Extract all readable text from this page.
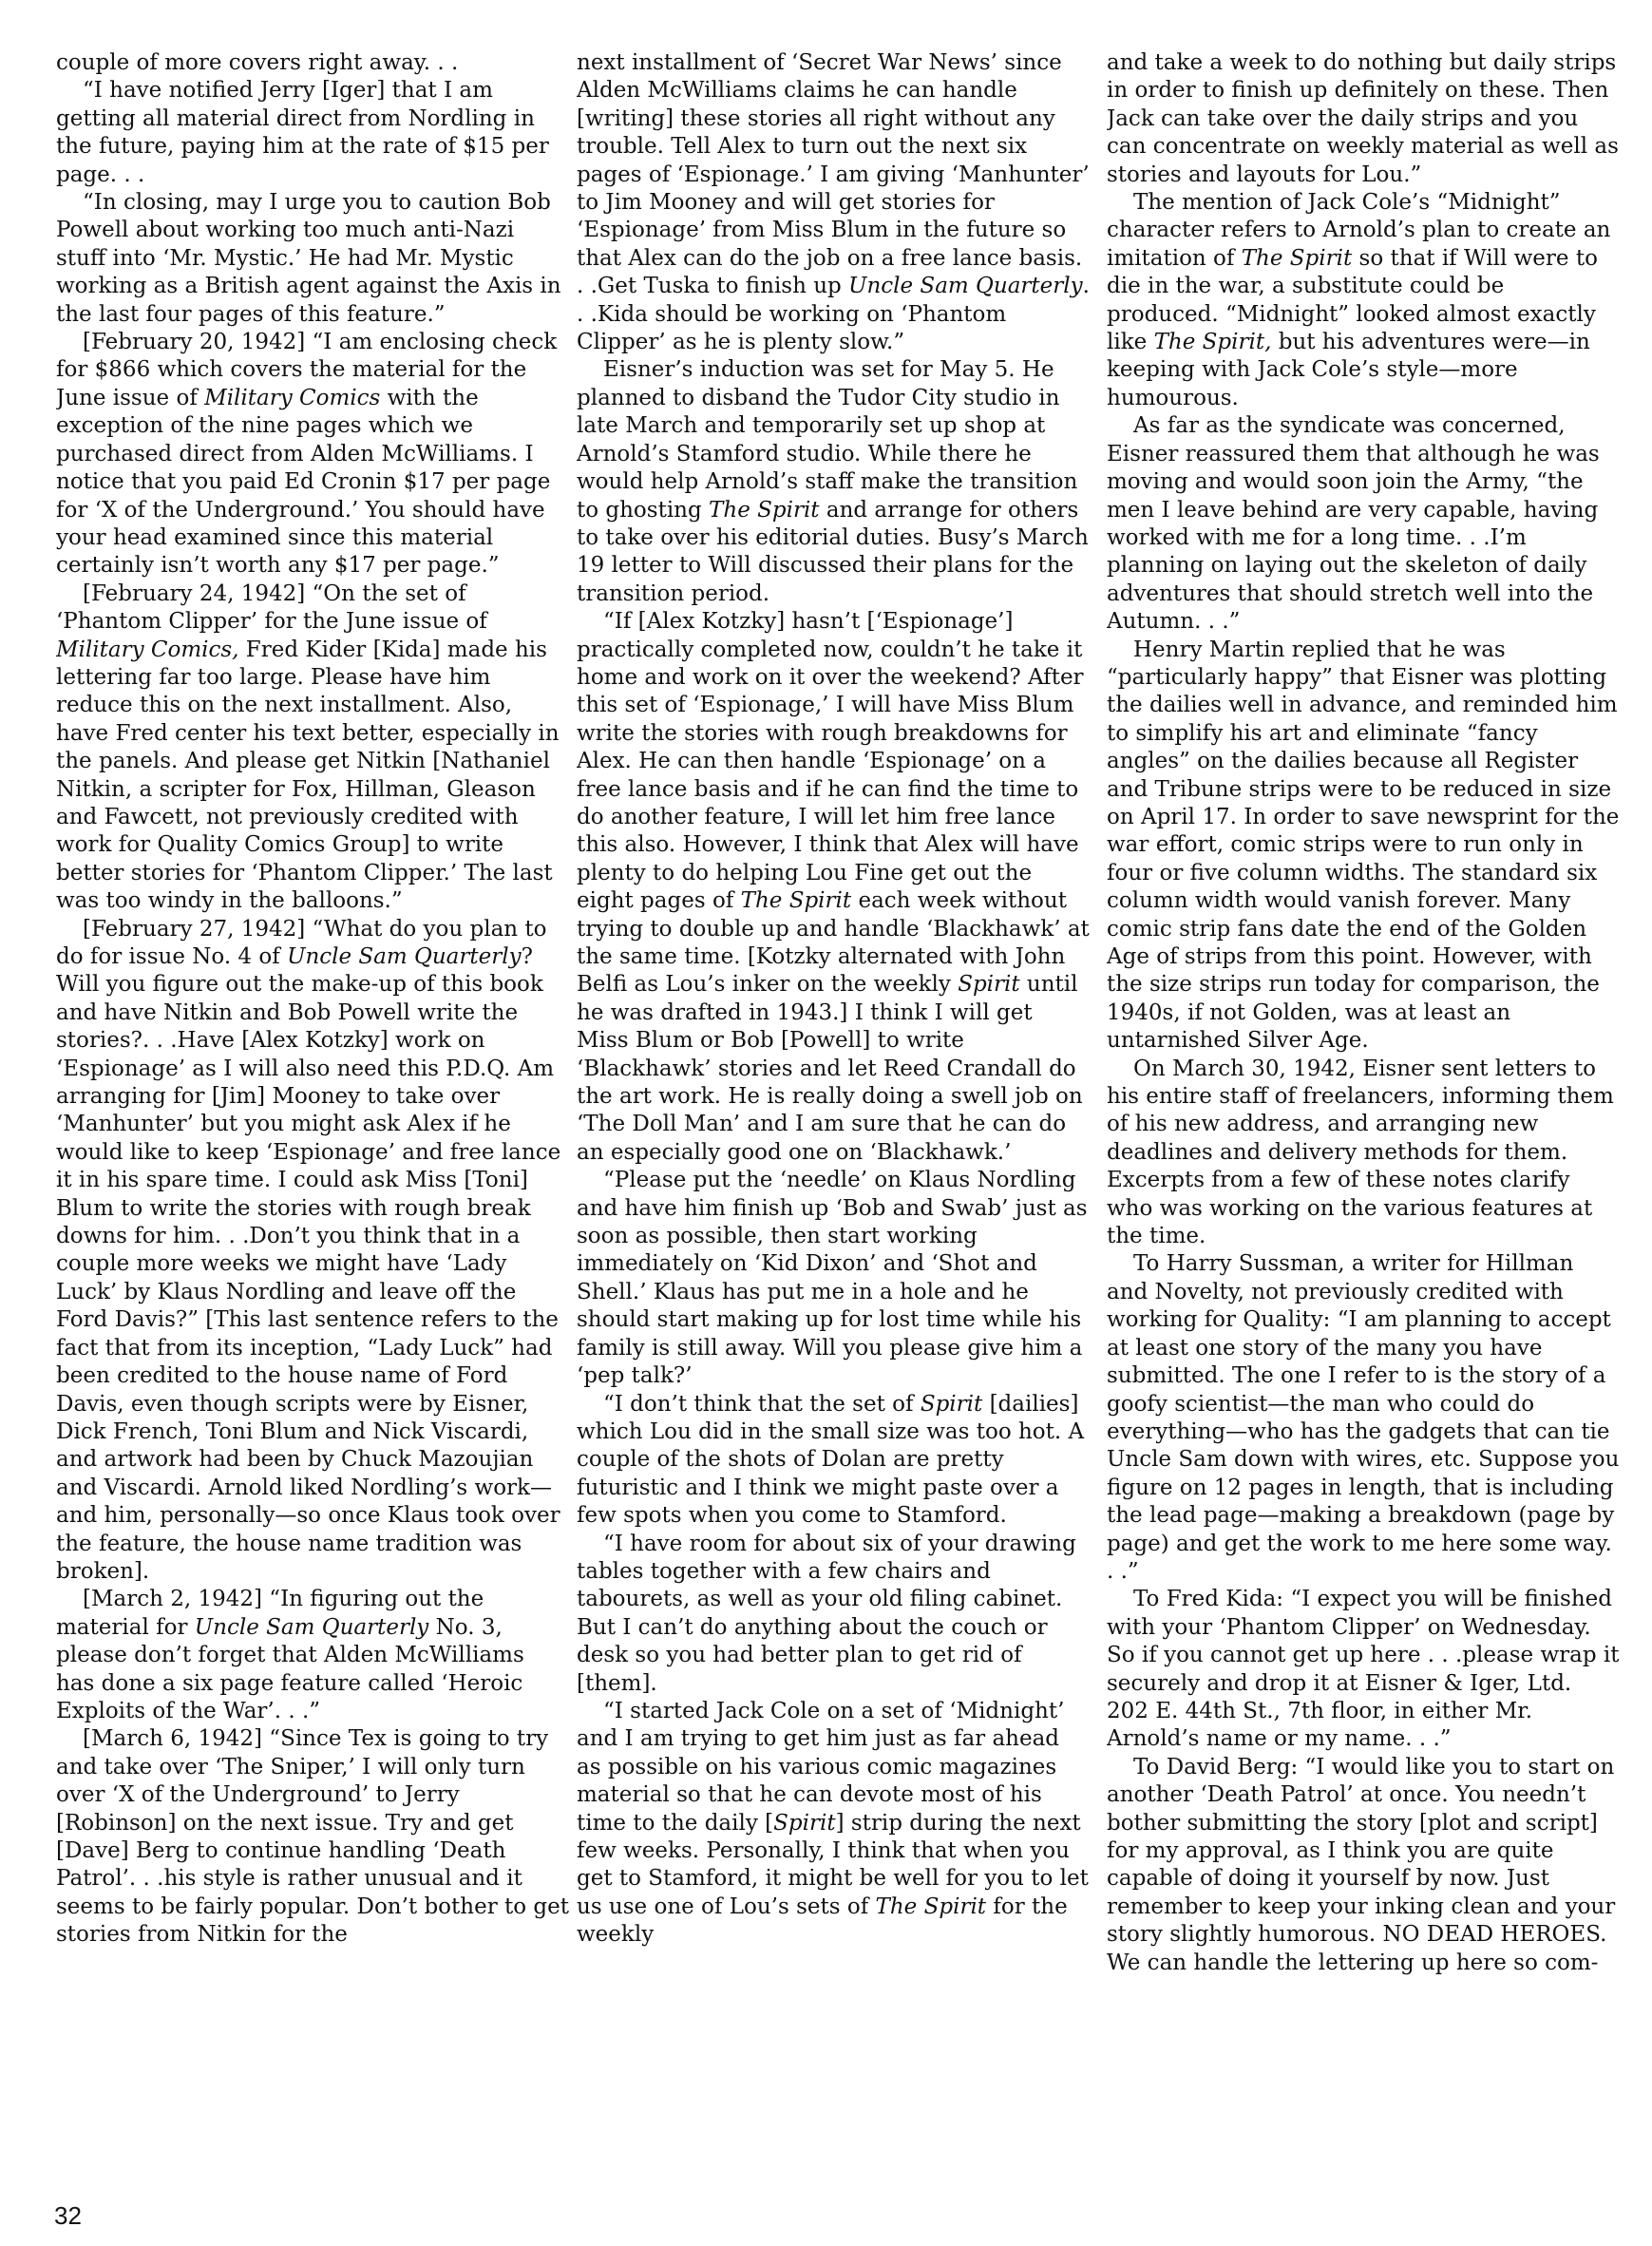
couple of more covers right away. . .

“I have notified Jerry [Iger] that I am getting all material direct from Nordling in the future, paying him at the rate of $15 per page. . .

“In closing, may I urge you to caution Bob Powell about working too much anti-Nazi stuff into ‘Mr. Mystic.’ He had Mr. Mystic working as a British agent against the Axis in the last four pages of this feature.”

[February 20, 1942] “I am enclosing check for $866 which covers the material for the June issue of Military Comics with the exception of the nine pages which we purchased direct from Alden McWilliams. I notice that you paid Ed Cronin $17 per page for ‘X of the Underground.’ You should have your head examined since this material certainly isn’t worth any $17 per page.”

[February 24, 1942] “On the set of ‘Phantom Clipper’ for the June issue of Military Comics, Fred Kider [Kida] made his lettering far too large. Please have him reduce this on the next installment. Also, have Fred center his text better, especially in the panels. And please get Nitkin [Nathaniel Nitkin, a scripter for Fox, Hillman, Gleason and Fawcett, not previously credited with work for Quality Comics Group] to write better stories for ‘Phantom Clipper.’ The last was too windy in the balloons.”

[February 27, 1942] “What do you plan to do for issue No. 4 of Uncle Sam Quarterly? Will you figure out the make-up of this book and have Nitkin and Bob Powell write the stories?. . .Have [Alex Kotzky] work on ‘Espionage’ as I will also need this P.D.Q. Am arranging for [Jim] Mooney to take over ‘Manhunter’ but you might ask Alex if he would like to keep ‘Espionage’ and free lance it in his spare time. I could ask Miss [Toni] Blum to write the stories with rough break downs for him. . .Don’t you think that in a couple more weeks we might have ‘Lady Luck’ by Klaus Nordling and leave off the Ford Davis?” [This last sentence refers to the fact that from its inception, “Lady Luck” had been credited to the house name of Ford Davis, even though scripts were by Eisner, Dick French, Toni Blum and Nick Viscardi, and artwork had been by Chuck Mazoujian and Viscardi. Arnold liked Nordling’s work—and him, personally—so once Klaus took over the feature, the house name tradition was broken].

[March 2, 1942] “In figuring out the material for Uncle Sam Quarterly No. 3, please don’t forget that Alden McWilliams has done a six page feature called ‘Heroic Exploits of the War’. . .”

[March 6, 1942] “Since Tex is going to try and take over ‘The Sniper,’ I will only turn over ‘X of the Underground’ to Jerry [Robinson] on the next issue. Try and get [Dave] Berg to continue handling ‘Death Patrol’. . .his style is rather unusual and it seems to be fairly popular. Don’t bother to get stories from Nitkin for the

next installment of ‘Secret War News’ since Alden McWilliams claims he can handle [writing] these stories all right without any trouble. Tell Alex to turn out the next six pages of ‘Espionage.’ I am giving ‘Manhunter’ to Jim Mooney and will get stories for ‘Espionage’ from Miss Blum in the future so that Alex can do the job on a free lance basis. . .Get Tuska to finish up Uncle Sam Quarterly. . .Kida should be working on ‘Phantom Clipper’ as he is plenty slow.”

Eisner’s induction was set for May 5. He planned to disband the Tudor City studio in late March and temporarily set up shop at Arnold’s Stamford studio. While there he would help Arnold’s staff make the transition to ghosting The Spirit and arrange for others to take over his editorial duties. Busy’s March 19 letter to Will discussed their plans for the transition period.

“If [Alex Kotzky] hasn’t [‘Espionage’] practically completed now, couldn’t he take it home and work on it over the weekend? After this set of ‘Espionage,’ I will have Miss Blum write the stories with rough breakdowns for Alex. He can then handle ‘Espionage’ on a free lance basis and if he can find the time to do another feature, I will let him free lance this also. However, I think that Alex will have plenty to do helping Lou Fine get out the eight pages of The Spirit each week without trying to double up and handle ‘Blackhawk’ at the same time. [Kotzky alternated with John Belfi as Lou’s inker on the weekly Spirit until he was drafted in 1943.] I think I will get Miss Blum or Bob [Powell] to write ‘Blackhawk’ stories and let Reed Crandall do the art work. He is really doing a swell job on ‘The Doll Man’ and I am sure that he can do an especially good one on ‘Blackhawk.’

“Please put the ‘needle’ on Klaus Nordling and have him finish up ‘Bob and Swab’ just as soon as possible, then start working immediately on ‘Kid Dixon’ and ‘Shot and Shell.’ Klaus has put me in a hole and he should start making up for lost time while his family is still away. Will you please give him a ‘pep talk?’

“I don’t think that the set of Spirit [dailies] which Lou did in the small size was too hot. A couple of the shots of Dolan are pretty futuristic and I think we might paste over a few spots when you come to Stamford.

“I have room for about six of your drawing tables together with a few chairs and tabourets, as well as your old filing cabinet. But I can’t do anything about the couch or desk so you had better plan to get rid of [them].

“I started Jack Cole on a set of ‘Midnight’ and I am trying to get him just as far ahead as possible on his various comic magazines material so that he can devote most of his time to the daily [Spirit] strip during the next few weeks. Personally, I think that when you get to Stamford, it might be well for you to let us use one of Lou’s sets of The Spirit for the weekly

and take a week to do nothing but daily strips in order to finish up definitely on these. Then Jack can take over the daily strips and you can concentrate on weekly material as well as stories and layouts for Lou.”

The mention of Jack Cole’s “Midnight” character refers to Arnold’s plan to create an imitation of The Spirit so that if Will were to die in the war, a substitute could be produced. “Midnight” looked almost exactly like The Spirit, but his adventures were—in keeping with Jack Cole’s style—more humourous.

As far as the syndicate was concerned, Eisner reassured them that although he was moving and would soon join the Army, “the men I leave behind are very capable, having worked with me for a long time. . .I’m planning on laying out the skeleton of daily adventures that should stretch well into the Autumn. . .”

Henry Martin replied that he was “particularly happy” that Eisner was plotting the dailies well in advance, and reminded him to simplify his art and eliminate “fancy angles” on the dailies because all Register and Tribune strips were to be reduced in size on April 17. In order to save newsprint for the war effort, comic strips were to run only in four or five column widths. The standard six column width would vanish forever. Many comic strip fans date the end of the Golden Age of strips from this point. However, with the size strips run today for comparison, the 1940s, if not Golden, was at least an untarnished Silver Age.

On March 30, 1942, Eisner sent letters to his entire staff of freelancers, informing them of his new address, and arranging new deadlines and delivery methods for them. Excerpts from a few of these notes clarify who was working on the various features at the time.

To Harry Sussman, a writer for Hillman and Novelty, not previously credited with working for Quality: “I am planning to accept at least one story of the many you have submitted. The one I refer to is the story of a goofy scientist—the man who could do everything—who has the gadgets that can tie Uncle Sam down with wires, etc. Suppose you figure on 12 pages in length, that is including the lead page—making a breakdown (page by page) and get the work to me here some way. . .”

To Fred Kida: “I expect you will be finished with your ‘Phantom Clipper’ on Wednesday. So if you cannot get up here . . .please wrap it securely and drop it at Eisner & Iger, Ltd. 202 E. 44th St., 7th floor, in either Mr. Arnold’s name or my name. . .”

To David Berg: “I would like you to start on another ‘Death Patrol’ at once. You needn’t bother submitting the story [plot and script] for my approval, as I think you are quite capable of doing it yourself by now. Just remember to keep your inking clean and your story slightly humorous. NO DEAD HEROES. We can handle the lettering up here so com-

32
